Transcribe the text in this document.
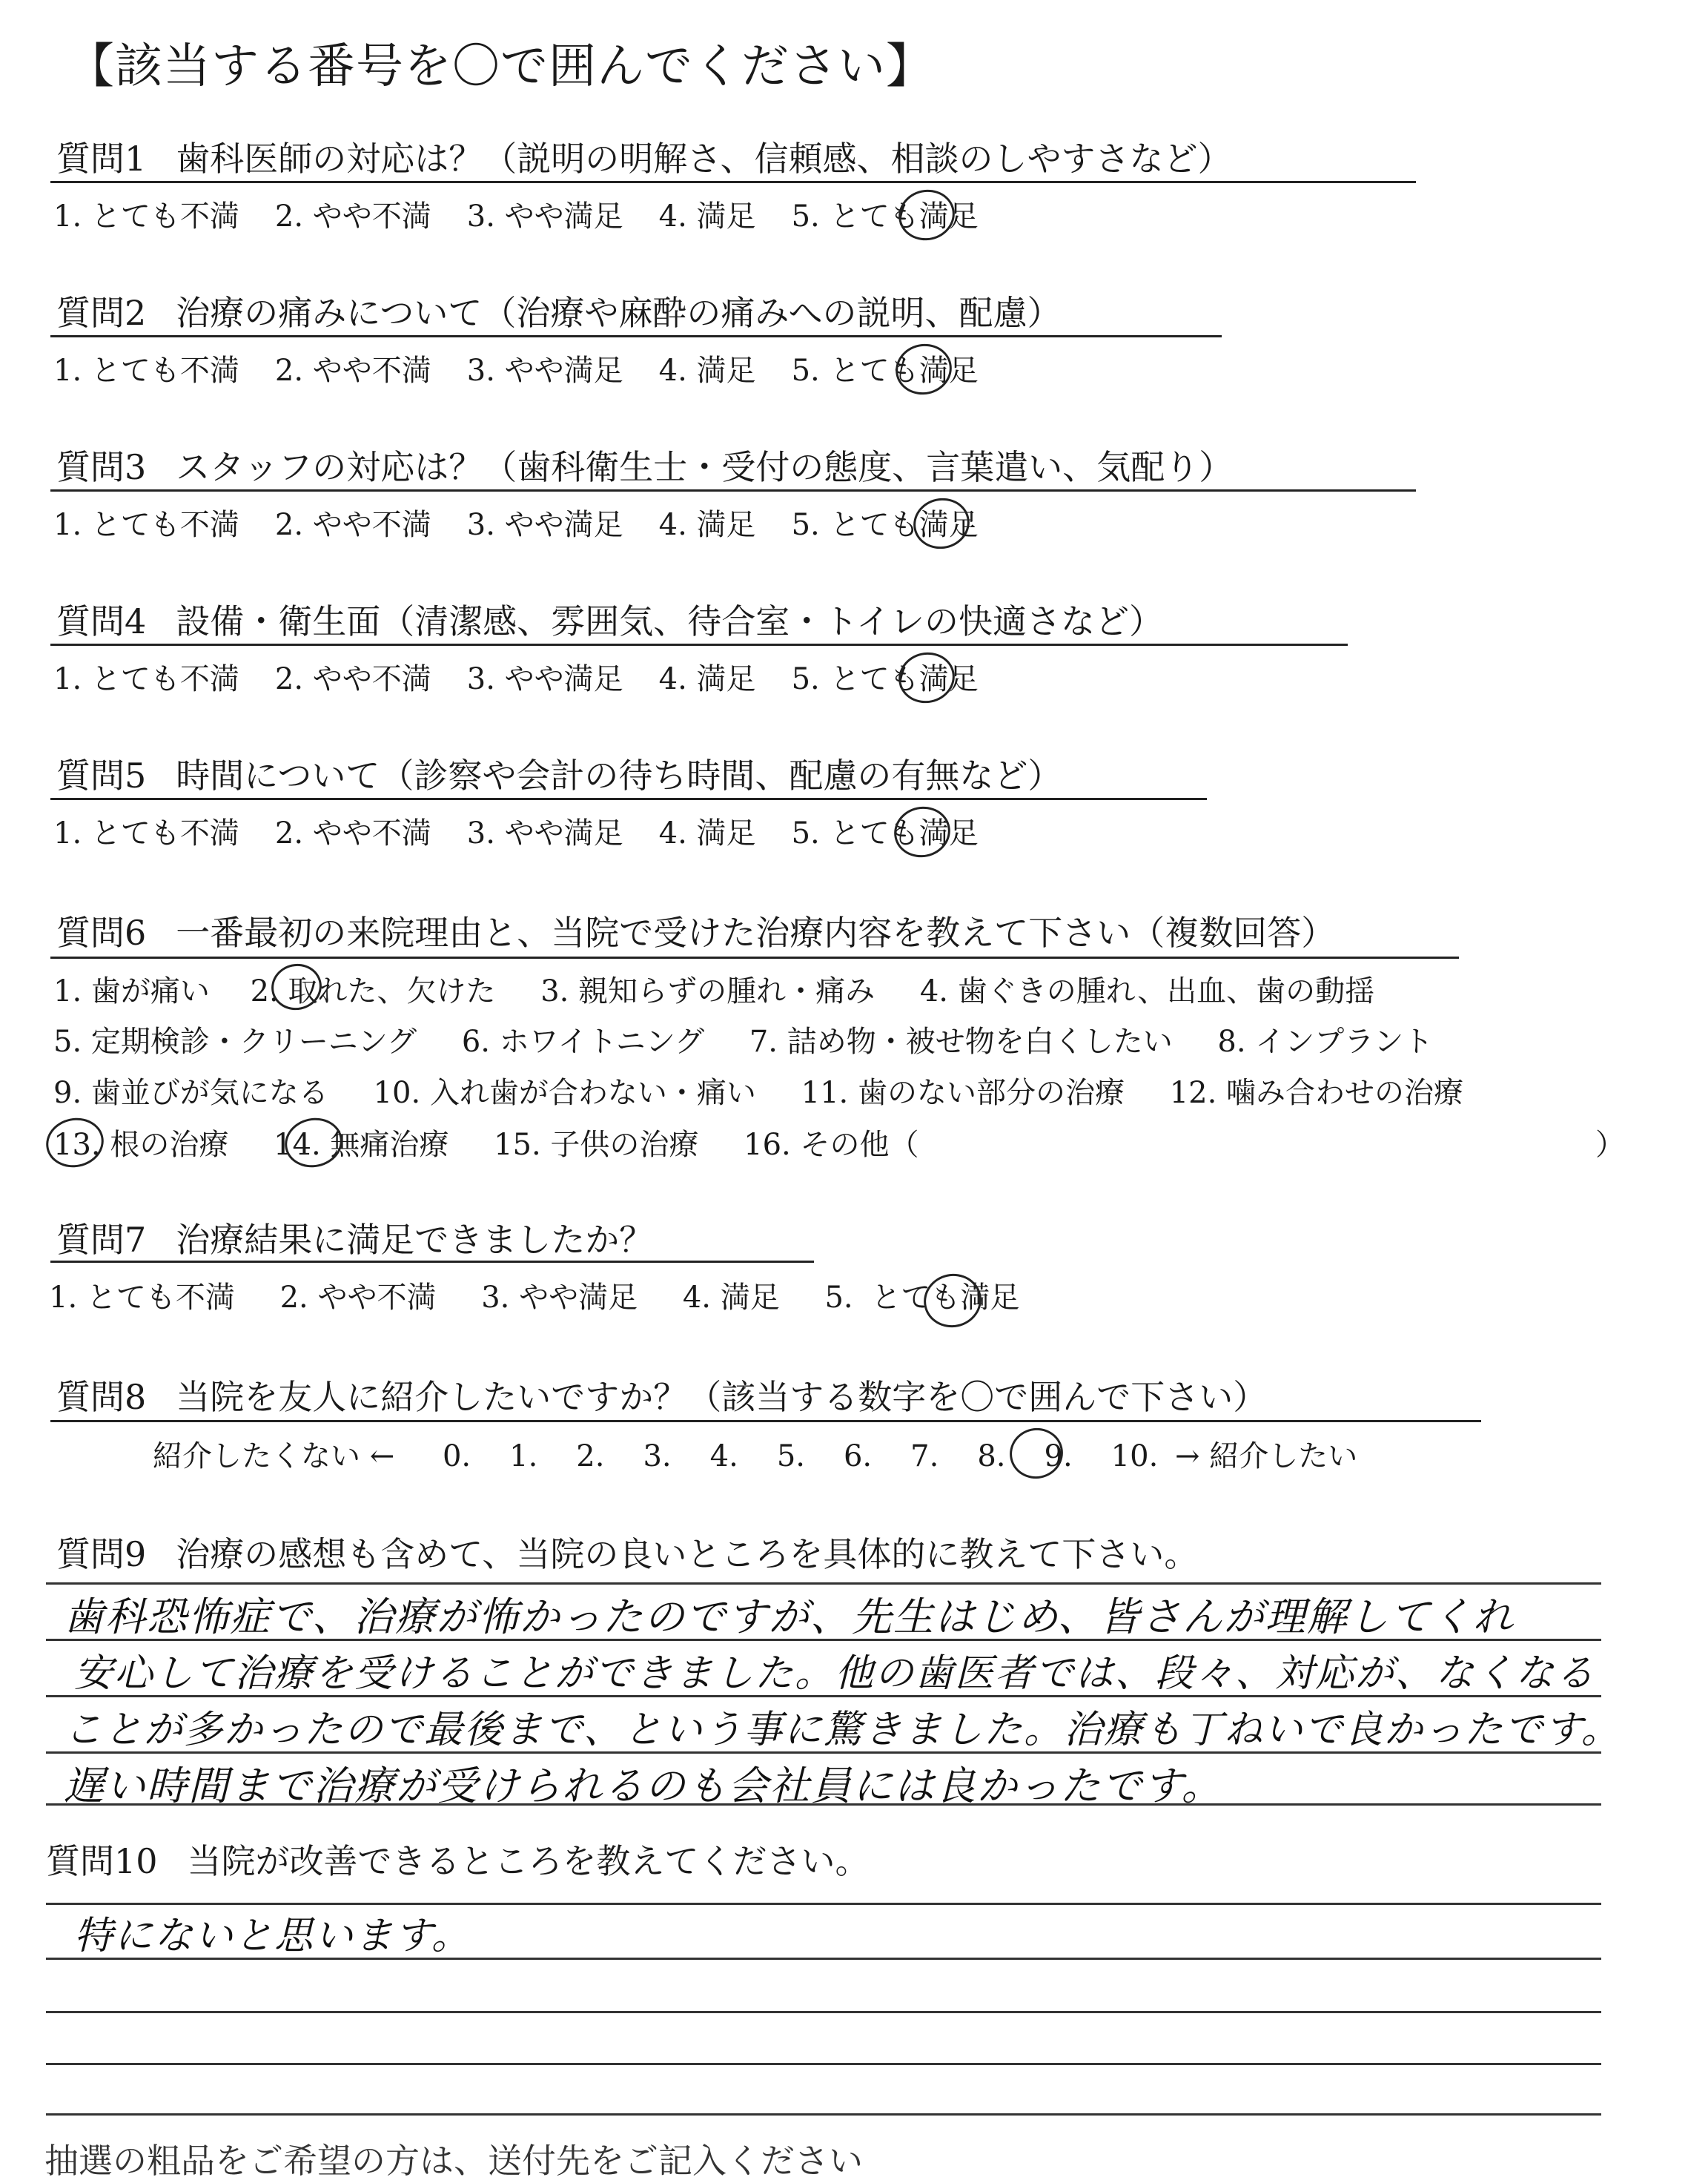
【該当する番号を〇で囲んでください】
質問1 歯科医師の対応は？（説明の明解さ、信頼感、相談のしやすさなど）
1. とても不満 2. やや不満 3. やや満足 4. 満足 5. とても満足
質問2 治療の痛みについて（治療や麻酔の痛みへの説明、配慮）
1. とても不満 2. やや不満 3. やや満足 4. 満足 5. とても満足
質問3 スタッフの対応は？（歯科衛生士・受付の態度、言葉遣い、気配り）
1. とても不満 2. やや不満 3. やや満足 4. 満足 5. とても満足
質問4 設備・衛生面（清潔感、雰囲気、待合室・トイレの快適さなど）
1. とても不満 2. やや不満 3. やや満足 4. 満足 5. とても満足
質問5 時間について（診察や会計の待ち時間、配慮の有無など）
1. とても不満 2. やや不満 3. やや満足 4. 満足 5. とても満足
質問6 一番最初の来院理由と、当院で受けた治療内容を教えて下さい（複数回答）
1. 歯が痛い 2. 取れた、欠けた 3. 親知らずの腫れ・痛み 4. 歯ぐきの腫れ、出血、歯の動揺
5. 定期検診・クリーニング 6. ホワイトニング 7. 詰め物・被せ物を白くしたい 8. インプラント
9. 歯並びが気になる 10. 入れ歯が合わない・痛い 11. 歯のない部分の治療 12. 噛み合わせの治療
13. 根の治療 14. 無痛治療 15. 子供の治療 16. その他（	）
質問7 治療結果に満足できましたか？
1. とても不満 2. やや不満 3. やや満足 4. 満足 5. とても満足
質問8 当院を友人に紹介したいですか？（該当する数字を〇で囲んで下さい）
紹介したくない ← 0. 1. 2. 3. 4. 5. 6. 7. 8. 9. 10. → 紹介したい
質問9 治療の感想も含めて、当院の良いところを具体的に教えて下さい。
歯科恐怖症で、治療が怖かったのですが、先生はじめ、皆さんが理解してくれ
安心して治療を受けることができました。他の歯医者では、段々、対応が、なくなる
ことが多かったので最後まで、という事に驚きました。治療も丁ねいで良かったです。
遅い時間まで治療が受けられるのも会社員には良かったです。
質問10 当院が改善できるところを教えてください。
特にないと思います。
抽選の粗品をご希望の方は、送付先をご記入ください
